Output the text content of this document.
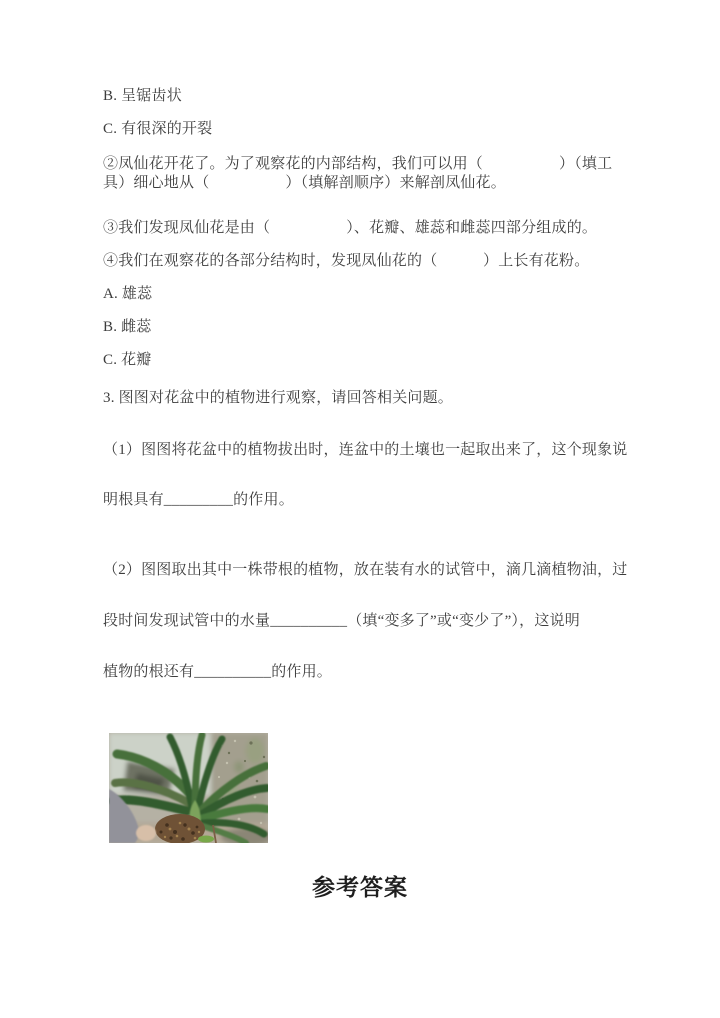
B. 呈锯齿状
C. 有很深的开裂
②凤仙花开花了。为了观察花的内部结构，我们可以用（　　　　　）（填工
具）细心地从（　　　　　）（填解剖顺序）来解剖凤仙花。
③我们发现凤仙花是由（　　　　　）、花瓣、雄蕊和雌蕊四部分组成的。
④我们在观察花的各部分结构时，发现凤仙花的（　　　）上长有花粉。
A. 雄蕊
B. 雌蕊
C. 花瓣
3. 图图对花盆中的植物进行观察，请回答相关问题。
（1）图图将花盆中的植物拔出时，连盆中的土壤也一起取出来了，这个现象说
明根具有_________的作用。
（2）图图取出其中一株带根的植物，放在装有水的试管中，滴几滴植物油，过
段时间发现试管中的水量__________（填“变多了”或“变少了”），这说明
植物的根还有__________的作用。
参考答案
